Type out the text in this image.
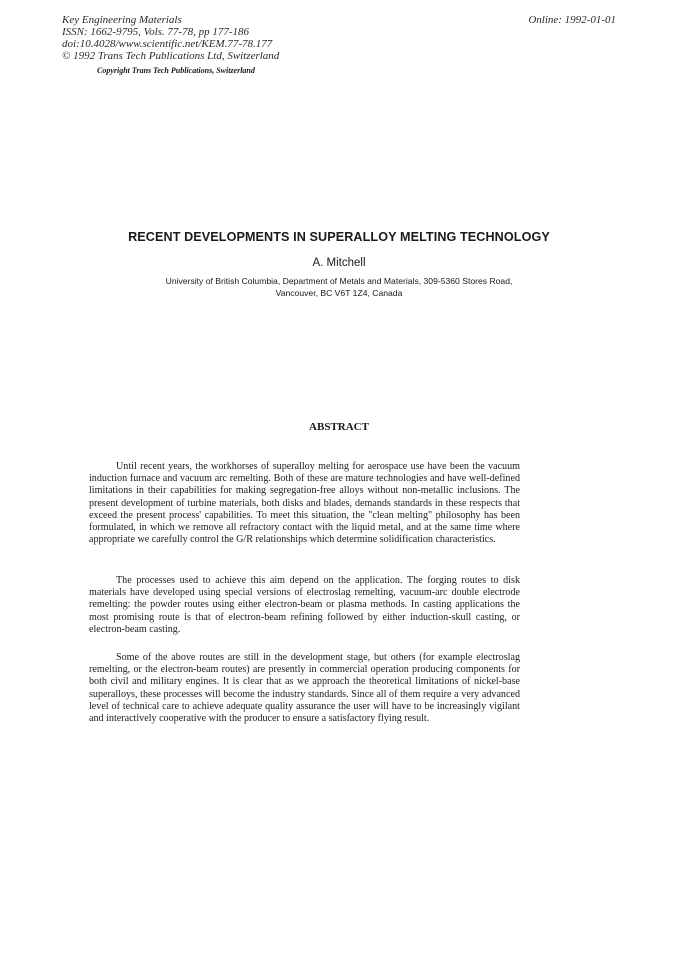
Key Engineering Materials
ISSN: 1662-9795, Vols. 77-78, pp 177-186
doi:10.4028/www.scientific.net/KEM.77-78.177
© 1992 Trans Tech Publications Ltd, Switzerland
Online: 1992-01-01
Copyright Trans Tech Publications, Switzerland
RECENT DEVELOPMENTS IN SUPERALLOY MELTING TECHNOLOGY
A. Mitchell
University of British Columbia, Department of Metals and Materials, 309-5360 Stores Road,
Vancouver, BC V6T 1Z4, Canada
ABSTRACT

Until recent years, the workhorses of superalloy melting for aerospace use have been the vacuum induction furnace and vacuum arc remelting. Both of these are mature technologies and have well-defined limitations in their capabilities for making segregation-free alloys without non-metallic inclusions. The present development of turbine materials, both disks and blades, demands standards in these respects that exceed the present process' capabilities. To meet this situation, the "clean melting" philosophy has been formulated, in which we remove all refractory contact with the liquid metal, and at the same time where appropriate we carefully control the G/R relationships which determine solidification characteristics.

The processes used to achieve this aim depend on the application. The forging routes to disk materials have developed using special versions of electroslag remelting, vacuum-arc double electrode remelting: the powder routes using either electron-beam or plasma methods. In casting applications the most promising route is that of electron-beam refining followed by either induction-skull casting, or electron-beam casting.

Some of the above routes are still in the development stage, but others (for example electroslag remelting, or the electron-beam routes) are presently in commercial operation producing components for both civil and military engines. It is clear that as we approach the theoretical limitations of nickel-base superalloys, these processes will become the industry standards. Since all of them require a very advanced level of technical care to achieve adequate quality assurance the user will have to be increasingly vigilant and interactively cooperative with the producer to ensure a satisfactory flying result.
